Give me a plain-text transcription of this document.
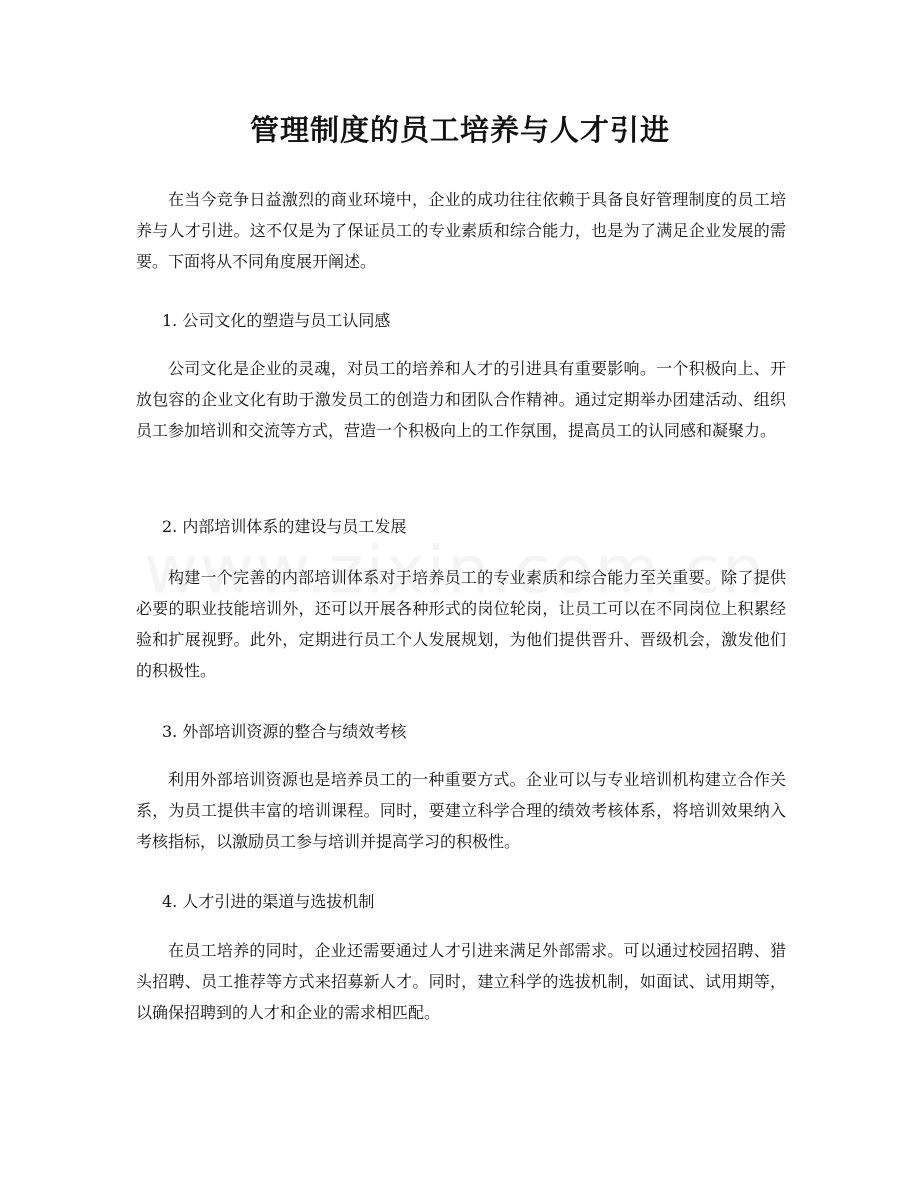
管理制度的员工培养与人才引进

在当今竞争日益激烈的商业环境中，企业的成功往往依赖于具备良好管理制度的员工培养与人才引进。这不仅是为了保证员工的专业素质和综合能力，也是为了满足企业发展的需要。下面将从不同角度展开阐述。

1. 公司文化的塑造与员工认同感

公司文化是企业的灵魂，对员工的培养和人才的引进具有重要影响。一个积极向上、开放包容的企业文化有助于激发员工的创造力和团队合作精神。通过定期举办团建活动、组织员工参加培训和交流等方式，营造一个积极向上的工作氛围，提高员工的认同感和凝聚力。

2. 内部培训体系的建设与员工发展

构建一个完善的内部培训体系对于培养员工的专业素质和综合能力至关重要。除了提供必要的职业技能培训外，还可以开展各种形式的岗位轮岗，让员工可以在不同岗位上积累经验和扩展视野。此外，定期进行员工个人发展规划，为他们提供晋升、晋级机会，激发他们的积极性。

3. 外部培训资源的整合与绩效考核

利用外部培训资源也是培养员工的一种重要方式。企业可以与专业培训机构建立合作关系，为员工提供丰富的培训课程。同时，要建立科学合理的绩效考核体系，将培训效果纳入考核指标，以激励员工参与培训并提高学习的积极性。

4. 人才引进的渠道与选拔机制

在员工培养的同时，企业还需要通过人才引进来满足外部需求。可以通过校园招聘、猎头招聘、员工推荐等方式来招募新人才。同时，建立科学的选拔机制，如面试、试用期等，以确保招聘到的人才和企业的需求相匹配。
